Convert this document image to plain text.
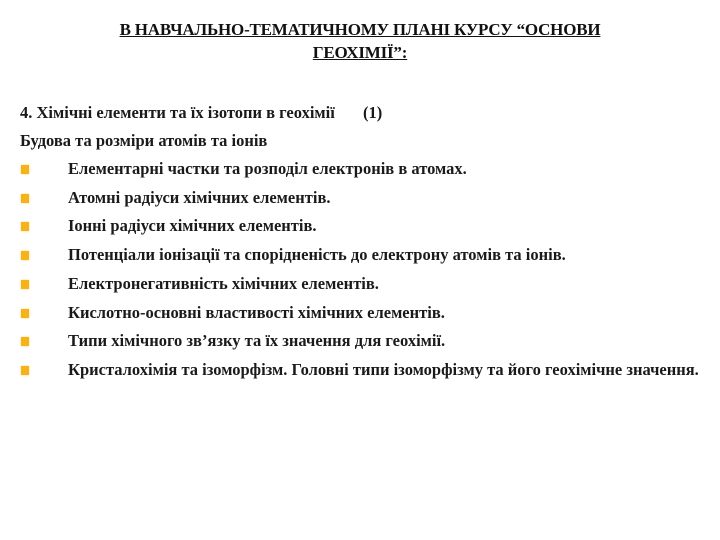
В НАВЧАЛЬНО-ТЕМАТИЧНОМУ ПЛАНІ КУРСУ “ОСНОВИ
ГЕОХІМІЇ”:
4. Хімічні елементи та їх ізотопи в геохімії (1)
Будова та розміри атомів та іонів
Елементарні частки та розподіл електронів в атомах.
Атомні радіуси хімічних елементів.
Іонні радіуси хімічних елементів.
Потенціали іонізації та спорідненість до електрону атомів та іонів.
Електронегативність хімічних елементів.
Кислотно-основні властивості хімічних елементів.
Типи хімічного зв’язку та їх значення для геохімії.
Кристалохімія та ізоморфізм. Головні типи ізоморфізму та його геохімічне значення.
